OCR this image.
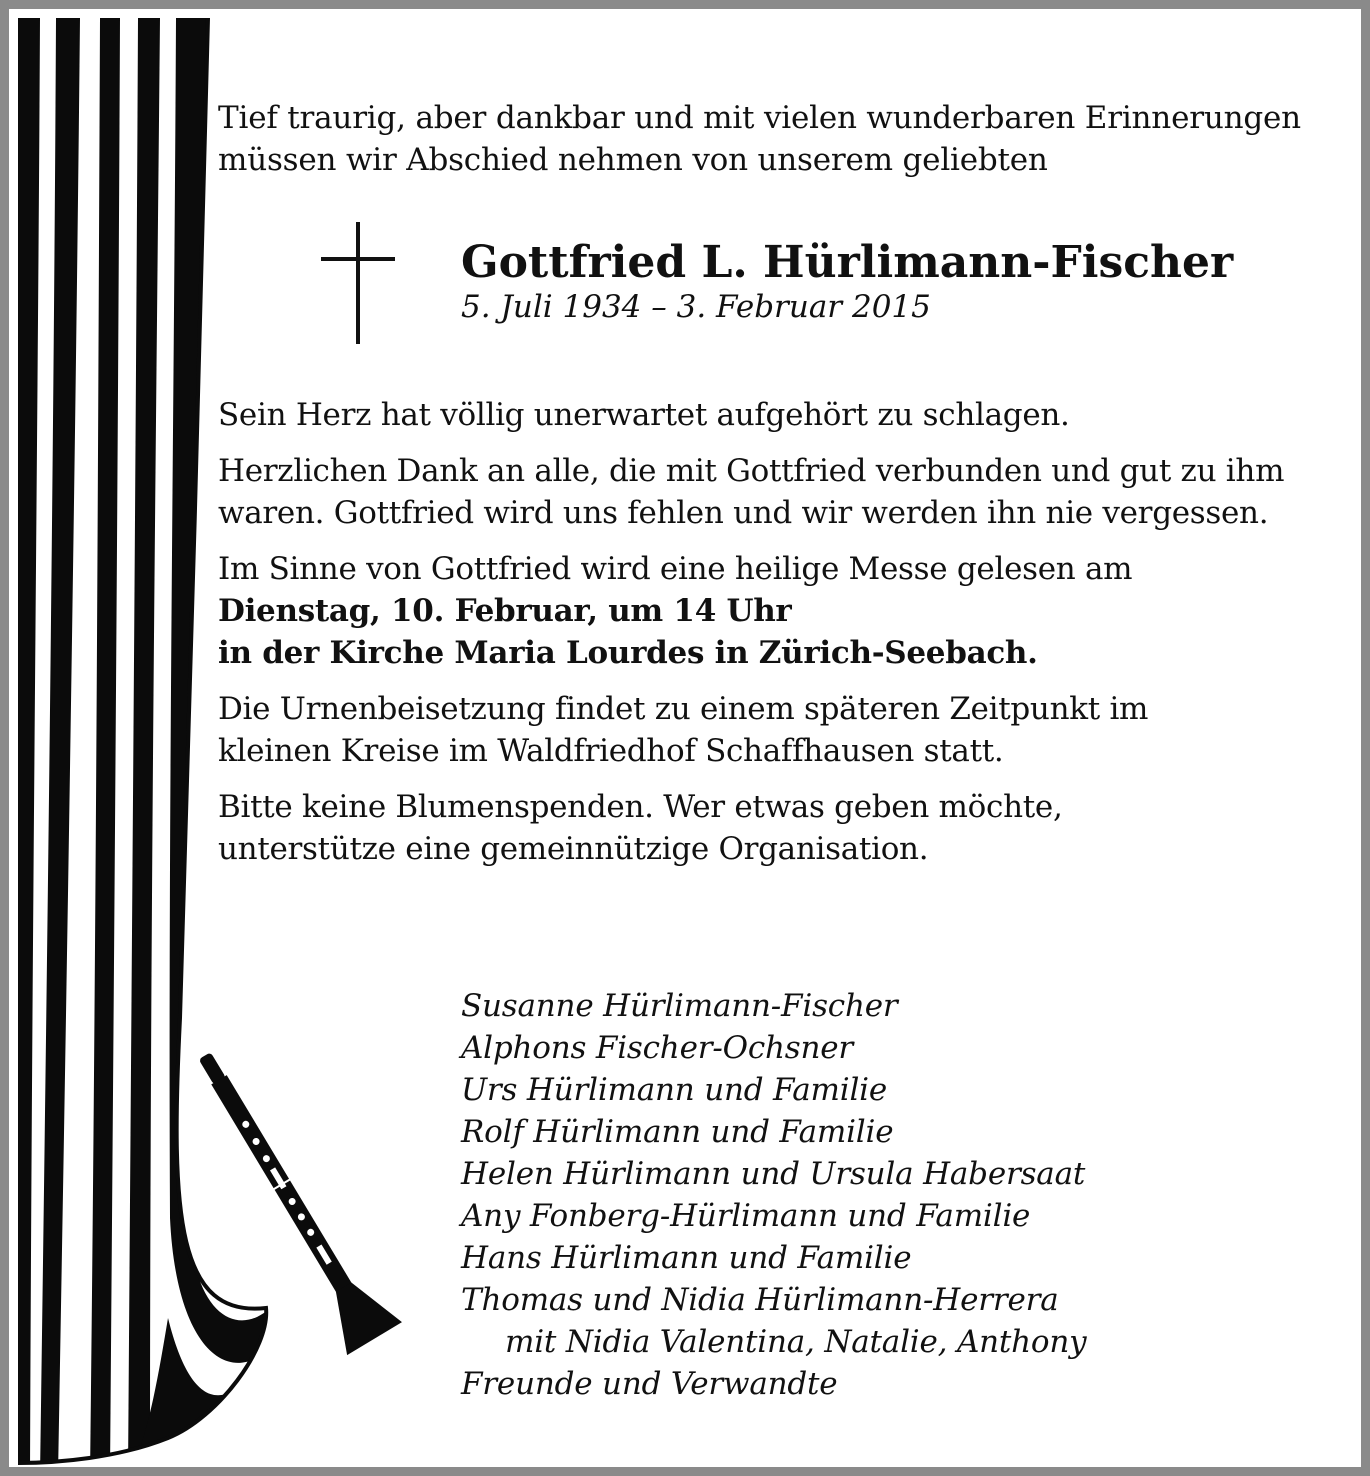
Tief traurig, aber dankbar und mit vielen wunderbaren Erinnerungen
müssen wir Abschied nehmen von unserem geliebten

Gottfried L. Hürlimann-Fischer

5. Juli 1934 – 3. Februar 2015

Sein Herz hat völlig unerwartet aufgehört zu schlagen.

Herzlichen Dank an alle, die mit Gottfried verbunden und gut zu ihm
waren. Gottfried wird uns fehlen und wir werden ihn nie vergessen.

Im Sinne von Gottfried wird eine heilige Messe gelesen am
Dienstag, 10. Februar, um 14 Uhr
in der Kirche Maria Lourdes in Zürich-Seebach.

Die Urnenbeisetzung findet zu einem späteren Zeitpunkt im
kleinen Kreise im Waldfriedhof Schaffhausen statt.

Bitte keine Blumenspenden. Wer etwas geben möchte,
unterstütze eine gemeinnützige Organisation.

Susanne Hürlimann-Fischer
Alphons Fischer-Ochsner
Urs Hürlimann und Familie
Rolf Hürlimann und Familie
Helen Hürlimann und Ursula Habersaat
Any Fonberg-Hürlimann und Familie
Hans Hürlimann und Familie
Thomas und Nidia Hürlimann-Herrera
mit Nidia Valentina, Natalie, Anthony
Freunde und Verwandte
